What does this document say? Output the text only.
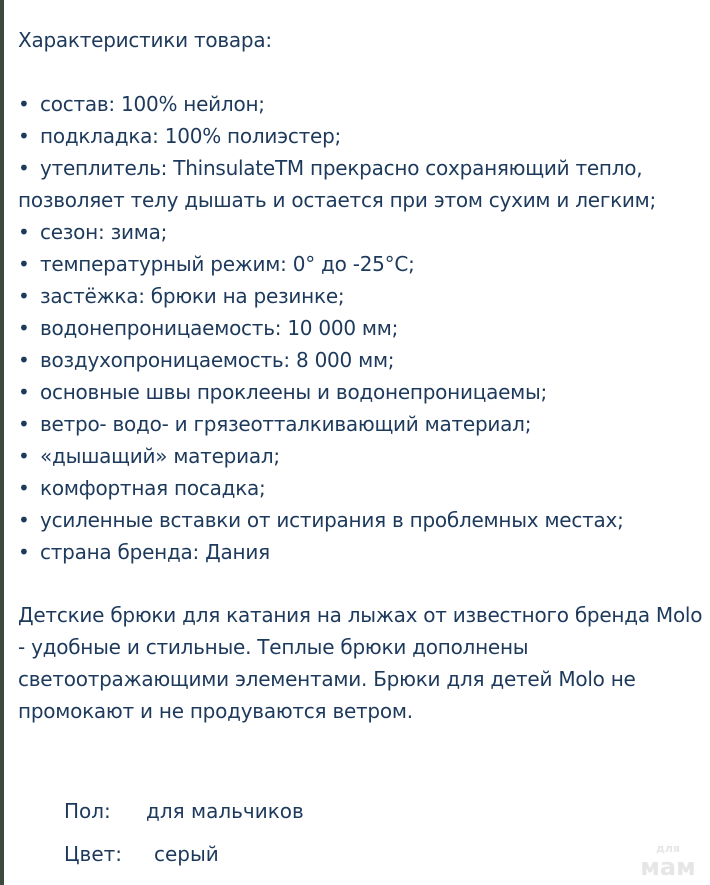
Характеристики товара:
• состав: 100% нейлон;
• подкладка: 100% полиэстер;
• утеплитель: ThinsulateTM прекрасно сохраняющий тепло, позволяет телу дышать и остается при этом сухим и легким;
• сезон: зима;
• температурный режим: 0° до -25°C;
• застёжка: брюки на резинке;
• водонепроницаемость: 10 000 мм;
• воздухопроницаемость: 8 000 мм;
• основные швы проклеены и водонепроницаемы;
• ветро- водо- и грязеотталкивающий материал;
• «дышащий» материал;
• комфортная посадка;
• усиленные вставки от истирания в проблемных местах;
• страна бренда: Дания
Детские брюки для катания на лыжах от известного бренда Molo - удобные и стильные. Теплые брюки дополнены светоотражающими элементами. Брюки для детей Molo не промокают и не продуваются ветром.
Пол: для мальчиков
Цвет: серый	для
мам
